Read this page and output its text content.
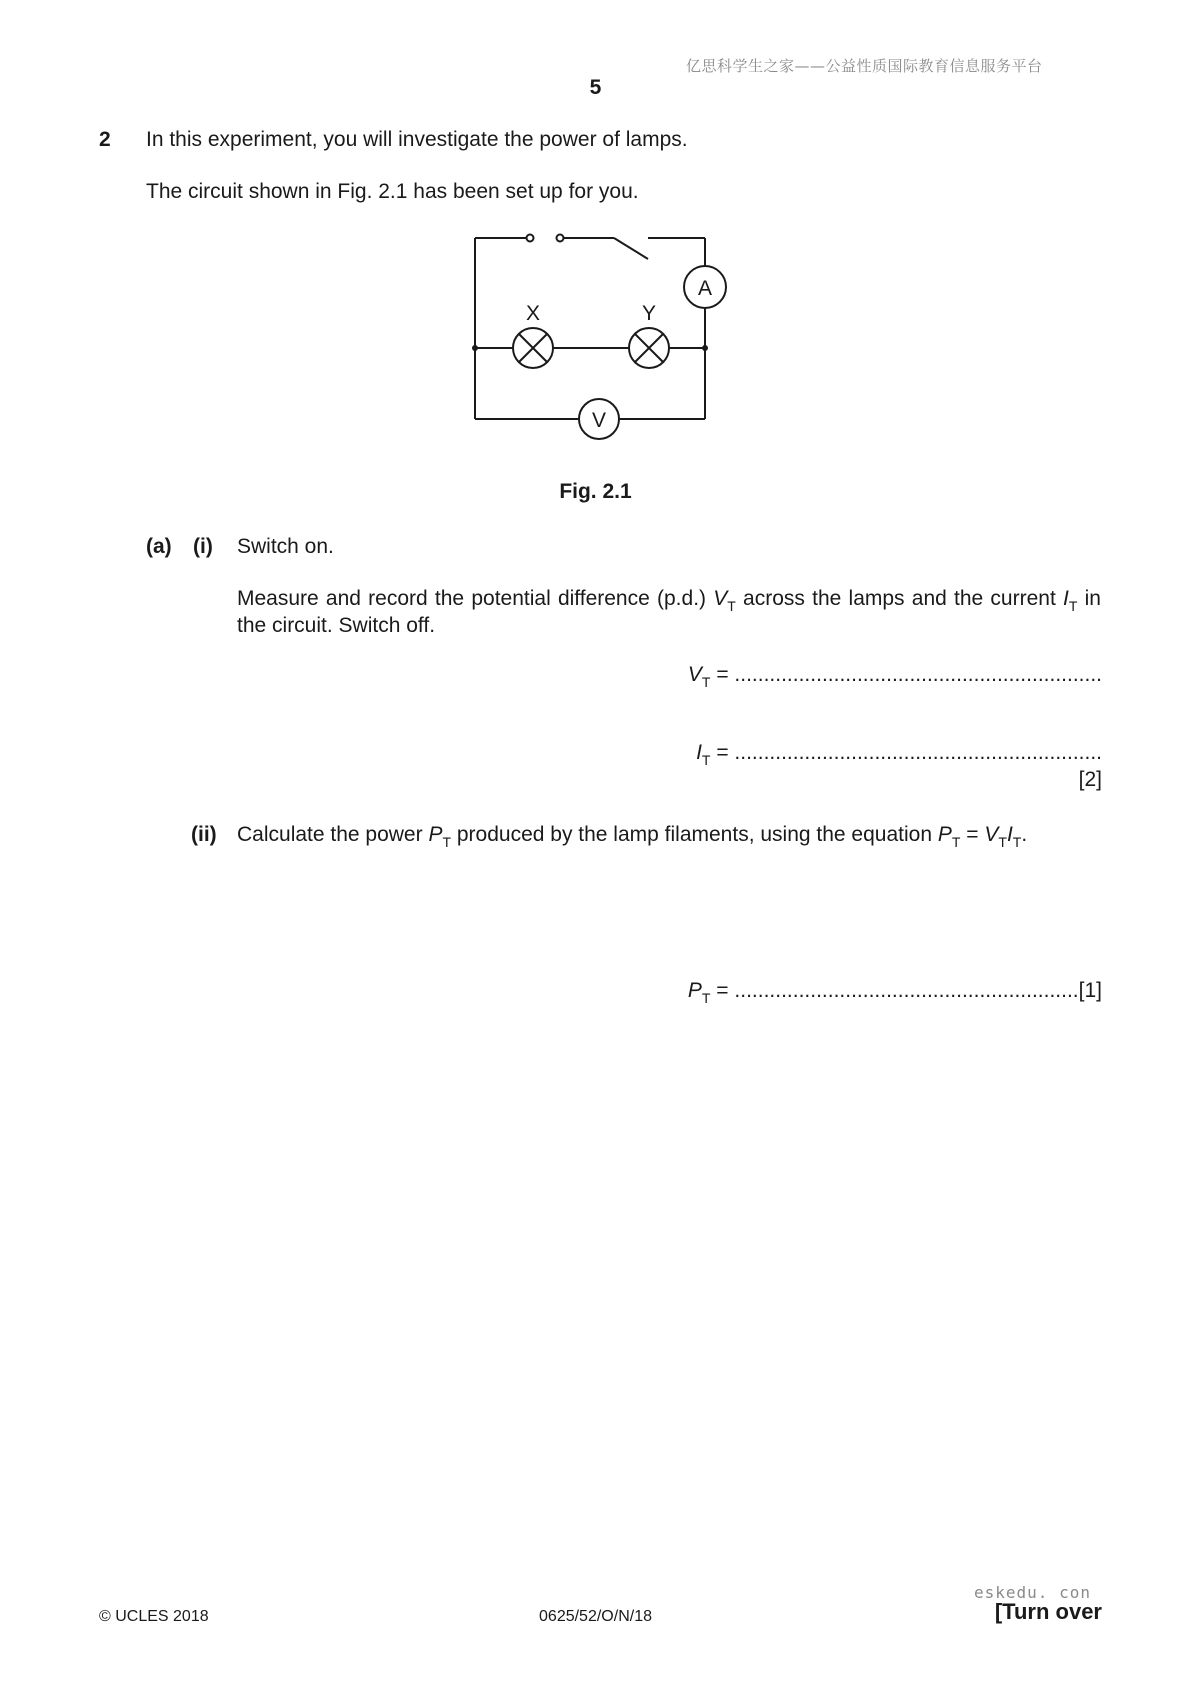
亿思科学生之家——公益性质国际教育信息服务平台
5
2 In this experiment, you will investigate the power of lamps.
The circuit shown in Fig. 2.1 has been set up for you.
A
V
X	Y
Fig. 2.1
(a) (i) Switch on.
Measure and record the potential difference (p.d.) $V_T$ across the lamps and the current $I_T$ in the circuit. Switch off.
$V_T$ = ...............................................................
$I_T$ = ...............................................................
[2]
(ii) Calculate the power $P_T$ produced by the lamp filaments, using the equation $P_T = V_TI_T$.
$P_T = ...........................................................[1]$
eskedu. con
© UCLES 2018	0625/52/O/N/18	[Turn over
